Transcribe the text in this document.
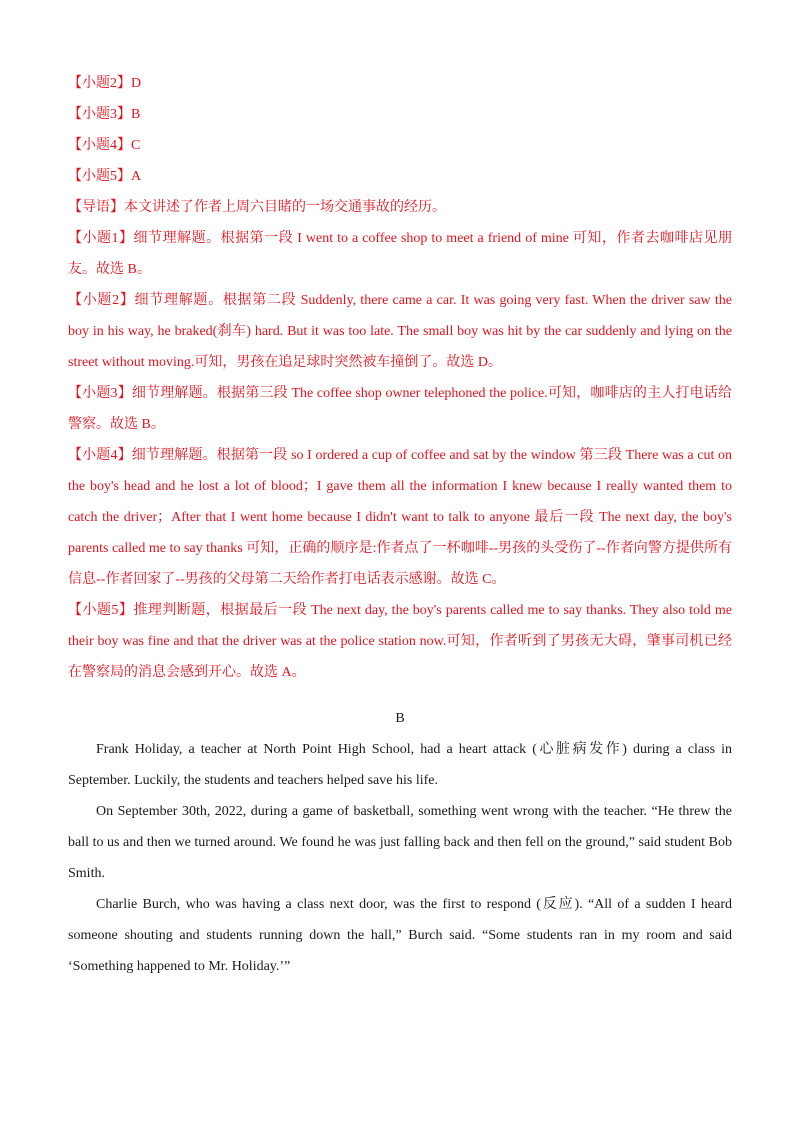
【小题2】D

【小题3】B

【小题4】C

【小题5】A

【导语】本文讲述了作者上周六目睹的一场交通事故的经历。

【小题1】细节理解题。根据第一段 I went to a coffee shop to meet a friend of mine 可知，作者去咖啡店见朋友。故选 B。

【小题2】细节理解题。根据第二段 Suddenly, there came a car. It was going very fast. When the driver saw the boy in his way, he braked(刹车) hard. But it was too late. The small boy was hit by the car suddenly and lying on the street without moving.可知，男孩在追足球时突然被车撞倒了。故选 D。

【小题3】细节理解题。根据第三段 The coffee shop owner telephoned the police.可知，咖啡店的主人打电话给警察。故选 B。

【小题4】细节理解题。根据第一段 so I ordered a cup of coffee and sat by the window 第三段 There was a cut on the boy's head and he lost a lot of blood；I gave them all the information I knew because I really wanted them to catch the driver；After that I went home because I didn't want to talk to anyone 最后一段 The next day, the boy's parents called me to say thanks 可知，正确的顺序是:作者点了一杯咖啡--男孩的头受伤了--作者向警方提供所有信息--作者回家了--男孩的父母第二天给作者打电话表示感谢。故选 C。

【小题5】推理判断题，根据最后一段 The next day, the boy's parents called me to say thanks. They also told me their boy was fine and that the driver was at the police station now.可知，作者听到了男孩无大碍，肇事司机已经在警察局的消息会感到开心。故选 A。

B

Frank Holiday, a teacher at North Point High School, had a heart attack (心脏病发作) during a class in September. Luckily, the students and teachers helped save his life.

On September 30th, 2022, during a game of basketball, something went wrong with the teacher. “He threw the ball to us and then we turned around. We found he was just falling back and then fell on the ground,” said student Bob Smith.

Charlie Burch, who was having a class next door, was the first to respond (反应). “All of a sudden I heard someone shouting and students running down the hall,” Burch said. “Some students ran in my room and said ‘Something happened to Mr. Holiday.’”
